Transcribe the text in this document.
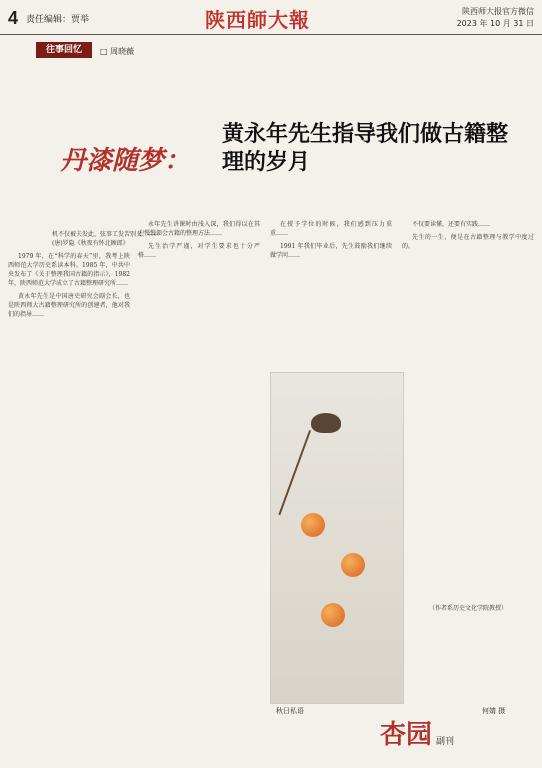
4 责任编辑：贾举	陕西師大報	陕西师大报官方微信
2023 年 10 月 31 日
往事回忆	□ 周晓薇
丹漆随梦：
黄永年先生指导我们做古籍整理的岁月
机不仅被夫发此，弦事工发苦别义。——(唐)罗隐《秋夜有怀北顾郎》

1979 年，在“科学的春天”里，我考上陕西师范大学历史系读本科。1985 年，中共中央发布了《关于整理我国古籍的指示》，1982 年，陕西师范大学成立了古籍整理研究所……

黄永年先生是中国唐史研究会副会长，也是陕西师大古籍整理研究所的创建者，他对我们的指导……

永年先生讲课时由浅入深，我们得以在其中慢慢领会古籍的整理方法……

先生治学严谨，对学生要求也十分严格……

在授予学位的时候，我们感到压力重重……

1991 年我们毕业后，先生鼓励我们继续做学问……

不仅要读懂，还要有实践……

先生的一生，便是在古籍整理与教学中度过的。

（作者系历史文化学院教授）
秋日私语	何婧 摄
杏园 副刊
